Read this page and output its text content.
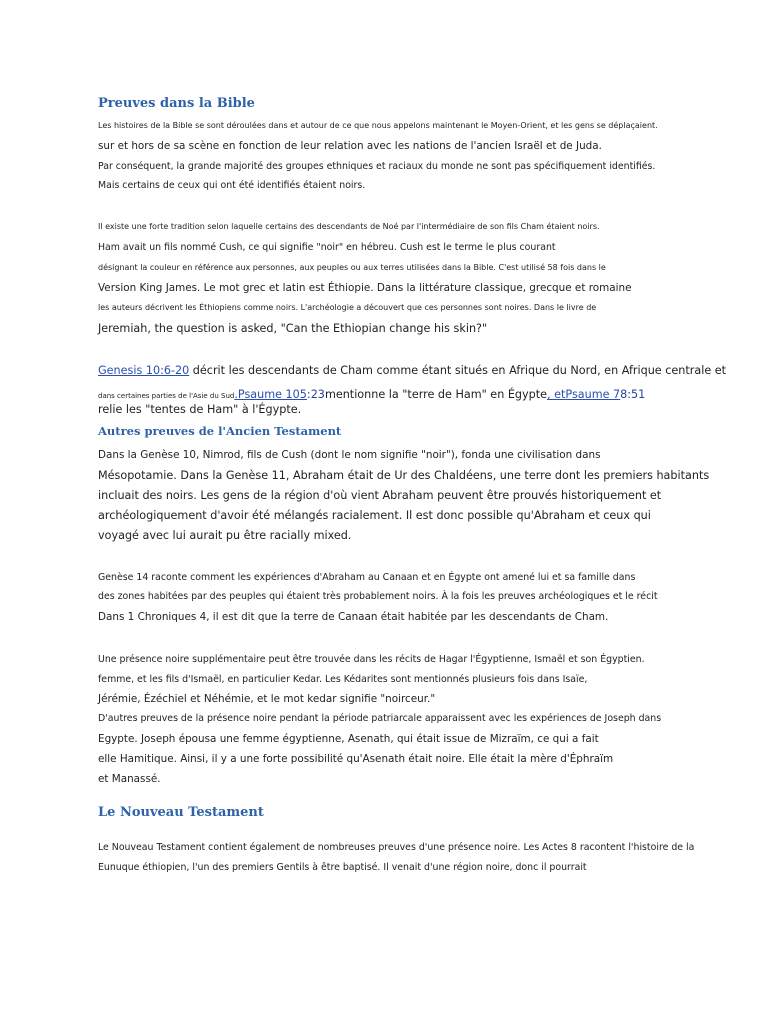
Preuves dans la Bible
Les histoires de la Bible se sont déroulées dans et autour de ce que nous appelons maintenant le Moyen-Orient, et les gens se déplaçaient.
sur et hors de sa scène en fonction de leur relation avec les nations de l'ancien Israël et de Juda.
Par conséquent, la grande majorité des groupes ethniques et raciaux du monde ne sont pas spécifiquement identifiés.
Mais certains de ceux qui ont été identifiés étaient noirs.
Il existe une forte tradition selon laquelle certains des descendants de Noé par l'intermédiaire de son fils Cham étaient noirs.
Ham avait un fils nommé Cush, ce qui signifie "noir" en hébreu. Cush est le terme le plus courant
désignant la couleur en référence aux personnes, aux peuples ou aux terres utilisées dans la Bible. C'est utilisé 58 fois dans le
Version King James. Le mot grec et latin est Éthiopie. Dans la littérature classique, grecque et romaine
les auteurs décrivent les Éthiopiens comme noirs. L'archéologie a découvert que ces personnes sont noires. Dans le livre de
Jeremiah, the question is asked, "Can the Ethiopian change his skin?"
Genesis 10:6-20 décrit les descendants de Cham comme étant situés en Afrique du Nord, en Afrique centrale et
dans certaines parties de l'Asie du Sud.Psaume 105:23mentionne la "terre de Ham" en Égypte, etPsaume 78:51
relie les "tentes de Ham" à l'Égypte.
Autres preuves de l'Ancien Testament
Dans la Genèse 10, Nimrod, fils de Cush (dont le nom signifie "noir"), fonda une civilisation dans
Mésopotamie. Dans la Genèse 11, Abraham était de Ur des Chaldéens, une terre dont les premiers habitants
incluait des noirs. Les gens de la région d'où vient Abraham peuvent être prouvés historiquement et
archéologiquement d'avoir été mélangés racialement. Il est donc possible qu'Abraham et ceux qui
voyagé avec lui aurait pu être racially mixed.
Genèse 14 raconte comment les expériences d'Abraham au Canaan et en Égypte ont amené lui et sa famille dans
des zones habitées par des peuples qui étaient très probablement noirs. À la fois les preuves archéologiques et le récit
Dans 1 Chroniques 4, il est dit que la terre de Canaan était habitée par les descendants de Cham.
Une présence noire supplémentaire peut être trouvée dans les récits de Hagar l'Égyptienne, Ismaël et son Égyptien.
femme, et les fils d'Ismaël, en particulier Kedar. Les Kédarites sont mentionnés plusieurs fois dans Isaïe,
Jérémie, Ézéchiel et Néhémie, et le mot kedar signifie "noirceur."
D'autres preuves de la présence noire pendant la période patriarcale apparaissent avec les expériences de Joseph dans
Egypte. Joseph épousa une femme égyptienne, Asenath, qui était issue de Mizraïm, ce qui a fait
elle Hamitique. Ainsi, il y a une forte possibilité qu'Asenath était noire. Elle était la mère d'Éphraïm
et Manassé.
Le Nouveau Testament
Le Nouveau Testament contient également de nombreuses preuves d'une présence noire. Les Actes 8 racontent l'histoire de la
Eunuque éthiopien, l'un des premiers Gentils à être baptisé. Il venait d'une région noire, donc il pourrait
